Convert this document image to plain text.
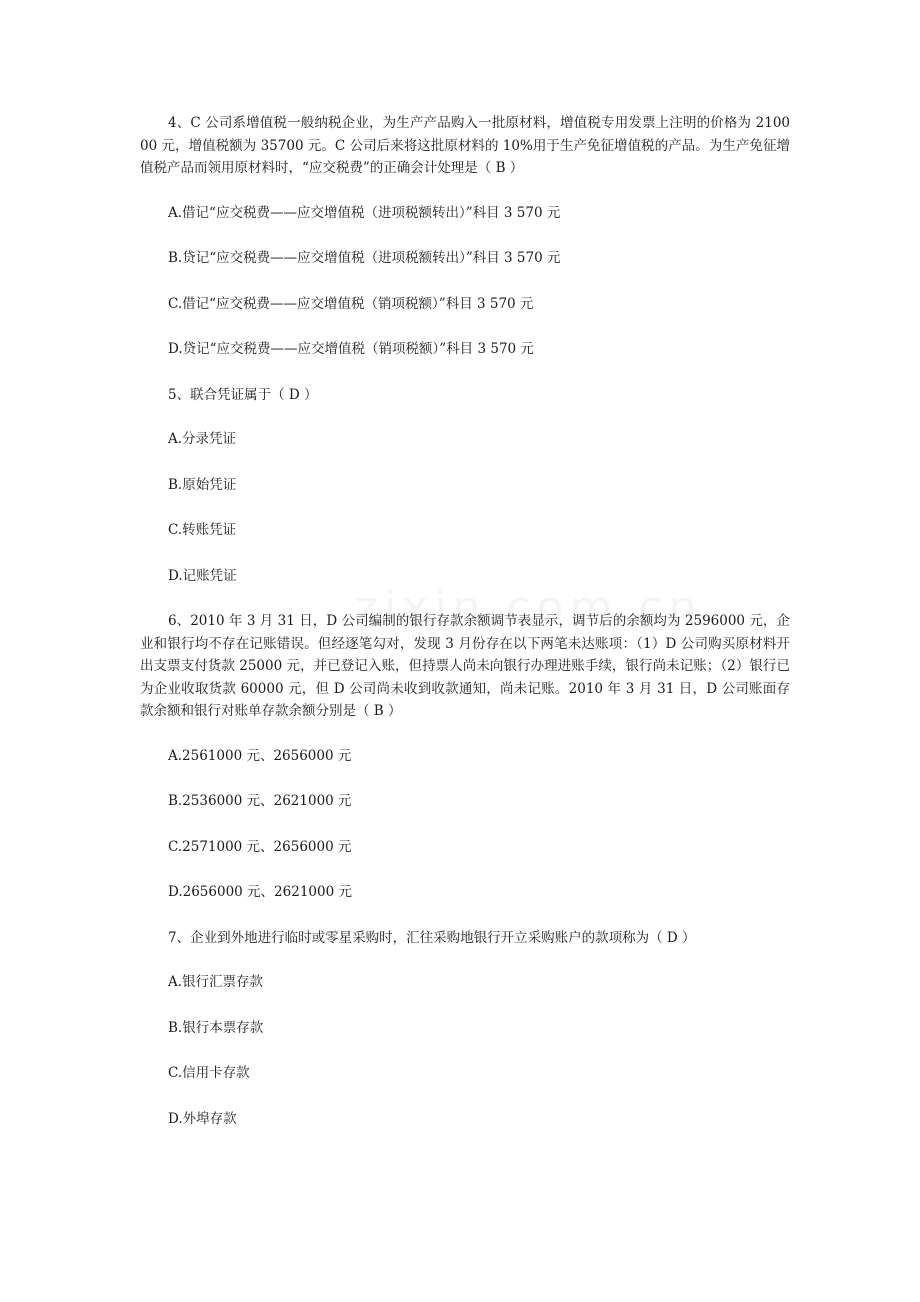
4、C 公司系增值税一般纳税企业，为生产产品购入一批原材料，增值税专用发票上注明的价格为 210000 元，增值税额为 35700 元。C 公司后来将这批原材料的 10%用于生产免征增值税的产品。为生产免征增值税产品而领用原材料时，“应交税费”的正确会计处理是（ B ）

A.借记“应交税费——应交增值税（进项税额转出）”科目 3 570 元

B.贷记“应交税费——应交增值税（进项税额转出）”科目 3 570 元

C.借记“应交税费——应交增值税（销项税额）”科目 3 570 元

D.贷记“应交税费——应交增值税（销项税额）”科目 3 570 元

5、联合凭证属于（ D ）

A.分录凭证

B.原始凭证

C.转账凭证

D.记账凭证

6、2010 年 3 月 31 日，D 公司编制的银行存款余额调节表显示，调节后的余额均为 2596000 元，企业和银行均不存在记账错误。但经逐笔勾对，发现 3 月份存在以下两笔未达账项：（1）D 公司购买原材料开出支票支付货款 25000 元，并已登记入账，但持票人尚未向银行办理进账手续，银行尚未记账；（2）银行已为企业收取货款 60000 元，但 D 公司尚未收到收款通知，尚未记账。2010 年 3 月 31 日，D 公司账面存款余额和银行对账单存款余额分别是（ B ）

A.2561000 元、2656000 元

B.2536000 元、2621000 元

C.2571000 元、2656000 元

D.2656000 元、2621000 元

7、企业到外地进行临时或零星采购时，汇往采购地银行开立采购账户的款项称为（ D ）

A.银行汇票存款

B.银行本票存款

C.信用卡存款

D.外埠存款
